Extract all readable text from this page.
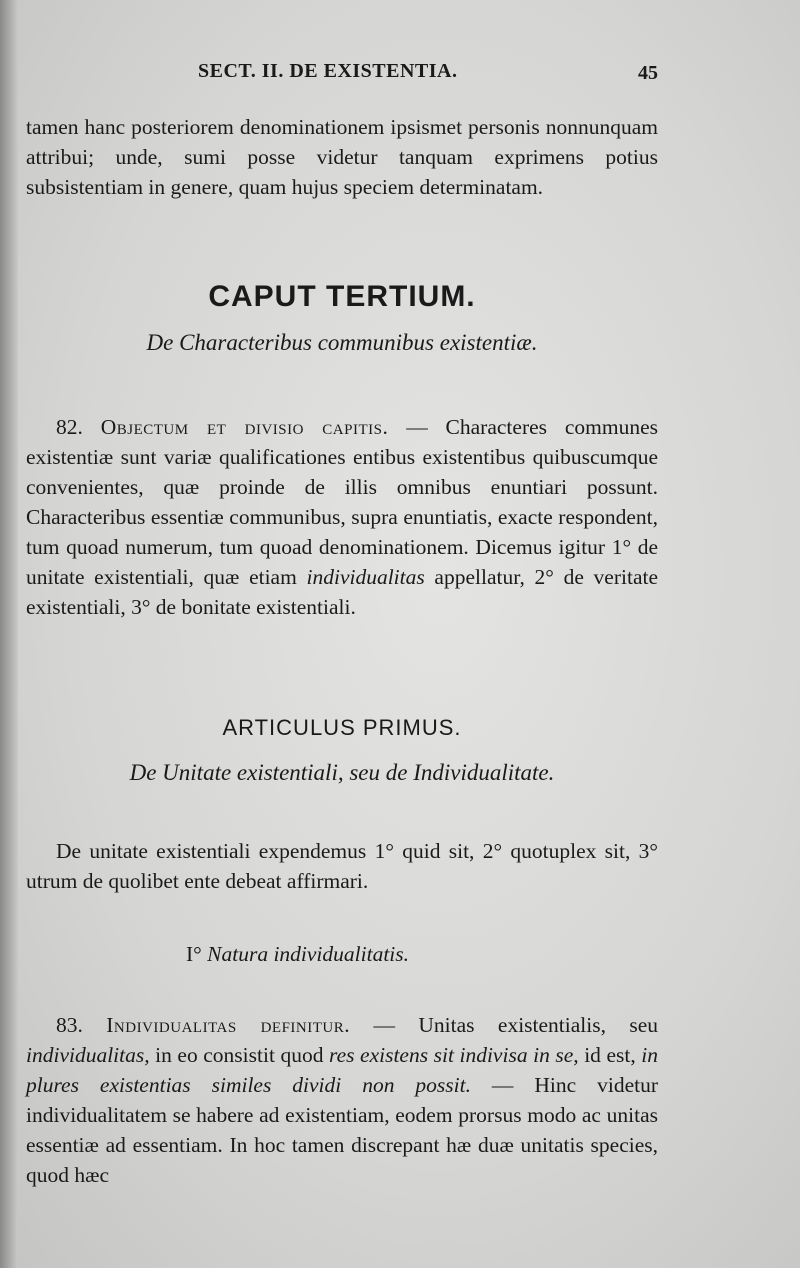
SECT. II. DE EXISTENTIA.	45

tamen hanc posteriorem denominationem ipsismet personis nonnunquam attribui; unde, sumi posse videtur tanquam exprimens potius subsistentiam in genere, quam hujus speciem determinatam.

CAPUT TERTIUM.
De Characteribus communibus existentiæ.

82. Objectum et divisio capitis. — Characteres communes existentiæ sunt variæ qualificationes entibus existentibus quibuscumque convenientes, quæ proinde de illis omnibus enuntiari possunt. Characteribus essentiæ communibus, supra enuntiatis, exacte respondent, tum quoad numerum, tum quoad denominationem. Dicemus igitur 1° de unitate existentiali, quæ etiam individualitas appellatur, 2° de veritate existentiali, 3° de bonitate existentiali.

ARTICULUS PRIMUS.
De Unitate existentiali, seu de Individualitate.

De unitate existentiali expendemus 1° quid sit, 2° quotuplex sit, 3° utrum de quolibet ente debeat affirmari.

I° Natura individualitatis.

83. Individualitas definitur. — Unitas existentialis, seu individualitas, in eo consistit quod res existens sit indivisa in se, id est, in plures existentias similes dividi non possit. — Hinc videtur individualitatem se habere ad existentiam, eodem prorsus modo ac unitas essentiæ ad essentiam. In hoc tamen discrepant hæ duæ unitatis species, quod hæc
